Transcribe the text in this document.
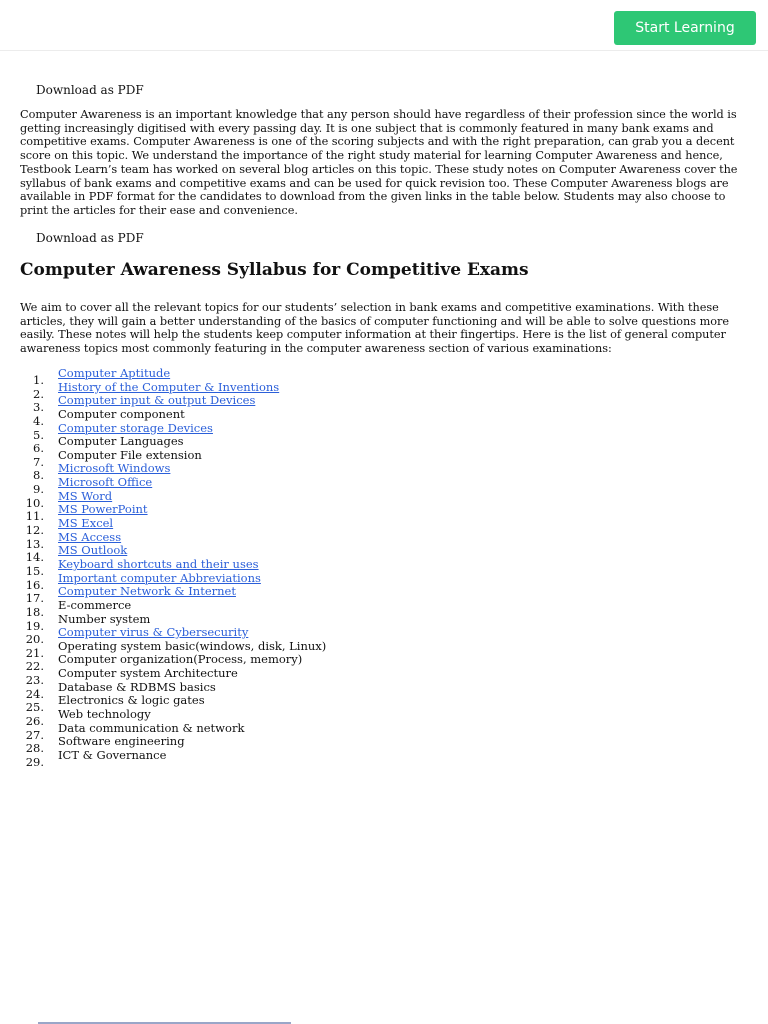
Start Learning
Download as PDF

Computer Awareness is an important knowledge that any person should have regardless of their profession since the world is getting increasingly digitised with every passing day. It is one subject that is commonly featured in many bank exams and competitive exams. Computer Awareness is one of the scoring subjects and with the right preparation, can grab you a decent score on this topic. We understand the importance of the right study material for learning Computer Awareness and hence, Testbook Learn’s team has worked on several blog articles on this topic. These study notes on Computer Awareness cover the syllabus of bank exams and competitive exams and can be used for quick revision too. These Computer Awareness blogs are available in PDF format for the candidates to download from the given links in the table below. Students may also choose to print the articles for their ease and convenience.

Download as PDF
Computer Awareness Syllabus for Competitive Exams

We aim to cover all the relevant topics for our students’ selection in bank exams and competitive examinations. With these articles, they will gain a better understanding of the basics of computer functioning and will be able to solve questions more easily. These notes will help the students keep computer information at their fingertips. Here is the list of general computer awareness topics most commonly featuring in the computer awareness section of various examinations:

1. Computer Aptitude
2. History of the Computer & Inventions
3. Computer input & output Devices
4. Computer component
5. Computer storage Devices
6. Computer Languages
7. Computer File extension
8. Microsoft Windows
9. Microsoft Office
10. MS Word
11. MS PowerPoint
12. MS Excel
13. MS Access
14. MS Outlook
15. Keyboard shortcuts and their uses
16. Important computer Abbreviations
17. Computer Network & Internet
18. E-commerce
19. Number system
20. Computer virus & Cybersecurity
21. Operating system basic(windows, disk, Linux)
22. Computer organization(Process, memory)
23. Computer system Architecture
24. Database & RDBMS basics
25. Electronics & logic gates
26. Web technology
27. Data communication & network
28. Software engineering
29. ICT & Governance
